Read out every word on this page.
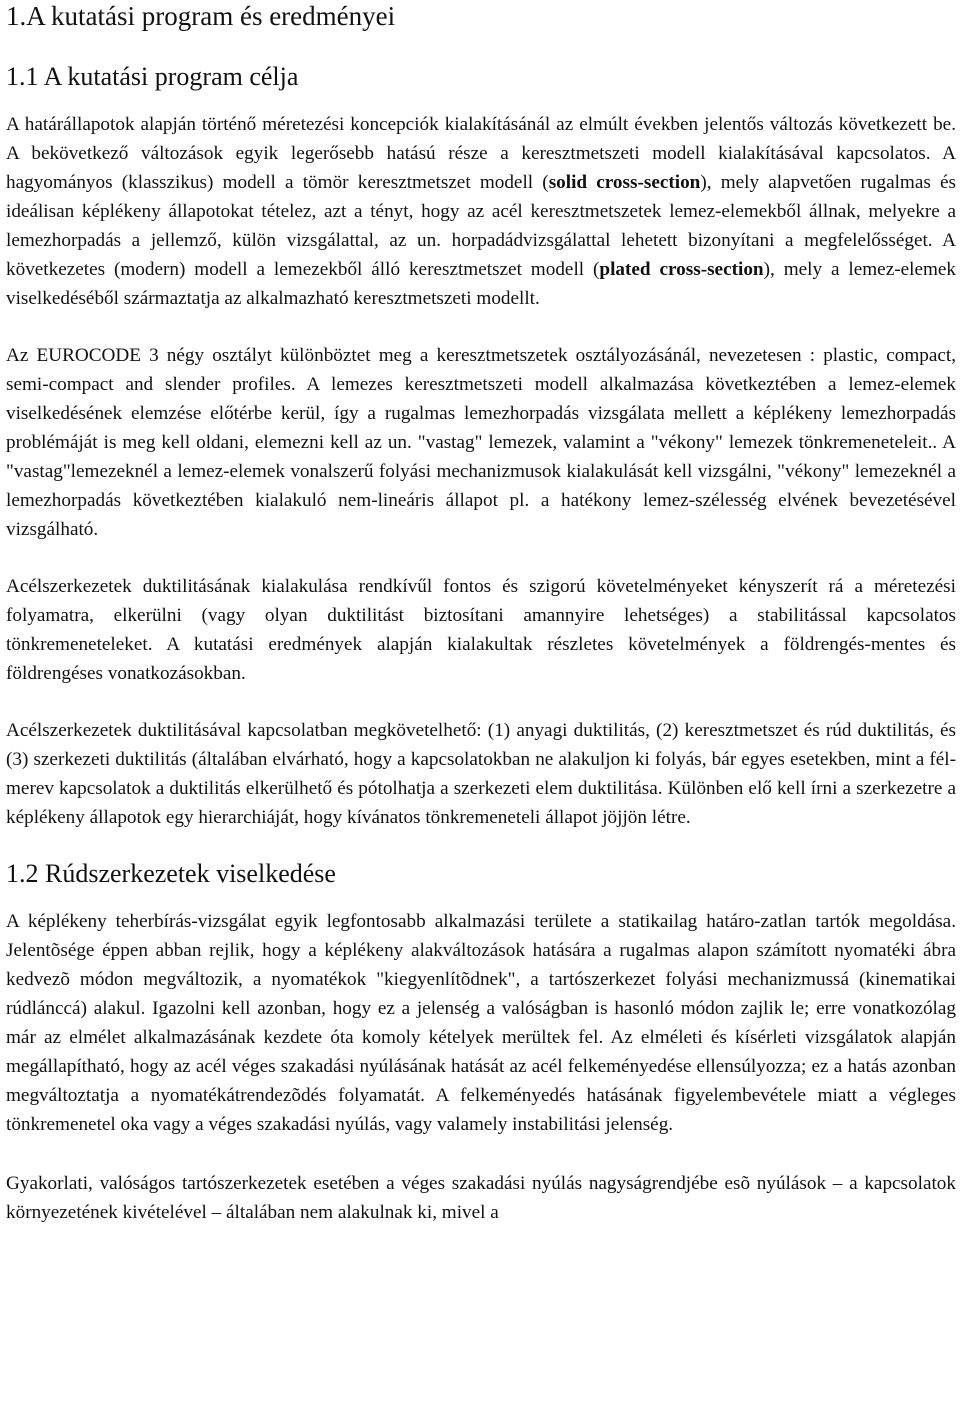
1.A kutatási program és eredményei
1.1 A kutatási program célja

A határállapotok alapján történő méretezési koncepciók kialakításánál az elmúlt években jelentős változás következett be. A bekövetkező változások egyik legerősebb hatású része a keresztmetszeti modell kialakításával kapcsolatos. A hagyományos (klasszikus) modell a tömör keresztmetszet modell (solid cross-section), mely alapvetően rugalmas és ideálisan képlékeny állapotokat tételez, azt a tényt, hogy az acél keresztmetszetek lemez-elemekből állnak, melyekre a lemezhorpadás a jellemző, külön vizsgálattal, az un. horpadádvizsgálattal lehetett bizonyítani a megfelelősséget. A következetes (modern) modell a lemezekből álló keresztmetszet modell (plated cross-section), mely a lemez-elemek viselkedéséből származtatja az alkalmazható keresztmetszeti modellt.

Az EUROCODE 3 négy osztályt különböztet meg a keresztmetszetek osztályozásánál, nevezetesen : plastic, compact, semi-compact and slender profiles. A lemezes keresztmetszeti modell alkalmazása következtében a lemez-elemek viselkedésének elemzése előtérbe kerül, így a rugalmas lemezhorpadás vizsgálata mellett a képlékeny lemezhorpadás problémáját is meg kell oldani, elemezni kell az un. "vastag" lemezek, valamint a "vékony" lemezek tönkremeneteleit.. A "vastag"lemezeknél a lemez-elemek vonalszerű folyási mechanizmusok kialakulását kell vizsgálni, "vékony" lemezeknél a lemezhorpadás következtében kialakuló nem-lineáris állapot pl. a hatékony lemez-szélesség elvének bevezetésével vizsgálható.

Acélszerkezetek duktilitásának kialakulása rendkívűl fontos és szigorú követelményeket kényszerít rá a méretezési folyamatra, elkerülni (vagy olyan duktilitást biztosítani amannyire lehetséges) a stabilitással kapcsolatos tönkremeneteleket. A kutatási eredmények alapján kialakultak részletes követelmények a földrengés-mentes és földrengéses vonatkozásokban.

Acélszerkezetek duktilitásával kapcsolatban megkövetelhető: (1) anyagi duktilitás, (2) keresztmetszet és rúd duktilitás, és (3) szerkezeti duktilitás (általában elvárható, hogy a kapcsolatokban ne alakuljon ki folyás, bár egyes esetekben, mint a fél-merev kapcsolatok a duktilitás elkerülhető és pótolhatja a szerkezeti elem duktilitása. Különben elő kell írni a szerkezetre a képlékeny állapotok egy hierarchiáját, hogy kívánatos tönkremeneteli állapot jöjjön létre.

1.2 Rúdszerkezetek viselkedése

A képlékeny teherbírás-vizsgálat egyik legfontosabb alkalmazási területe a statikailag határo-zatlan tartók megoldása. Jelentõsége éppen abban rejlik, hogy a képlékeny alakváltozások hatására a rugalmas alapon számított nyomatéki ábra kedvezõ módon megváltozik, a nyomatékok "kiegyenlítõdnek", a tartószerkezet folyási mechanizmussá (kinematikai rúdlánccá) alakul. Igazolni kell azonban, hogy ez a jelenség a valóságban is hasonló módon zajlik le; erre vonatkozólag már az elmélet alkalmazásának kezdete óta komoly kételyek merültek fel. Az elméleti és kísérleti vizsgálatok alapján megállapítható, hogy az acél véges szakadási nyúlásának hatását az acél felkeményedése ellensúlyozza; ez a hatás azonban megváltoztatja a nyomatékátrendezõdés folyamatát. A felkeményedés hatásának figyelembevétele miatt a végleges tönkremenetel oka vagy a véges szakadási nyúlás, vagy valamely instabilitási jelenség.

Gyakorlati, valóságos tartószerkezetek esetében a véges szakadási nyúlás nagyságrendjébe esõ nyúlások – a kapcsolatok környezetének kivételével – általában nem alakulnak ki, mivel a
